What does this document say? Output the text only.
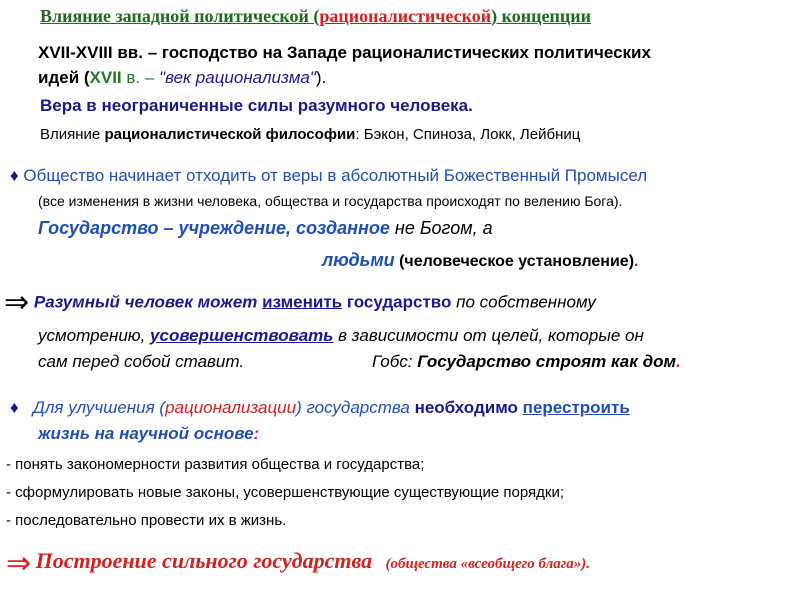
Влияние западной политической (рационалистической) концепции
XVII-XVIII вв. – господство на Западе рационалистических политических
идей (XVII в. – "век рационализма").
Вера в неограниченные силы разумного человека.
Влияние рационалистической философии: Бэкон, Спиноза, Локк, Лейбниц
♦ Общество начинает отходить от веры в абсолютный Божественный Промысел
(все изменения в жизни человека, общества и государства происходят по велению Бога).
Государство – учреждение, созданное не Богом, а
людьми (человеческое установление).
⇒ Разумный человек может изменить государство по собственному
усмотрению, усовершенствовать в зависимости от целей, которые он
сам перед собой ставит.	Гобс: Государство строят как дом.
♦ Для улучшения (рационализации) государства необходимо перестроить
жизнь на научной основе:
- понять закономерности развития общества и государства;
- сформулировать новые законы, усовершенствующие существующие порядки;
- последовательно провести их в жизнь.
⇒ Построение сильного государства (общества «всеобщего блага»).
